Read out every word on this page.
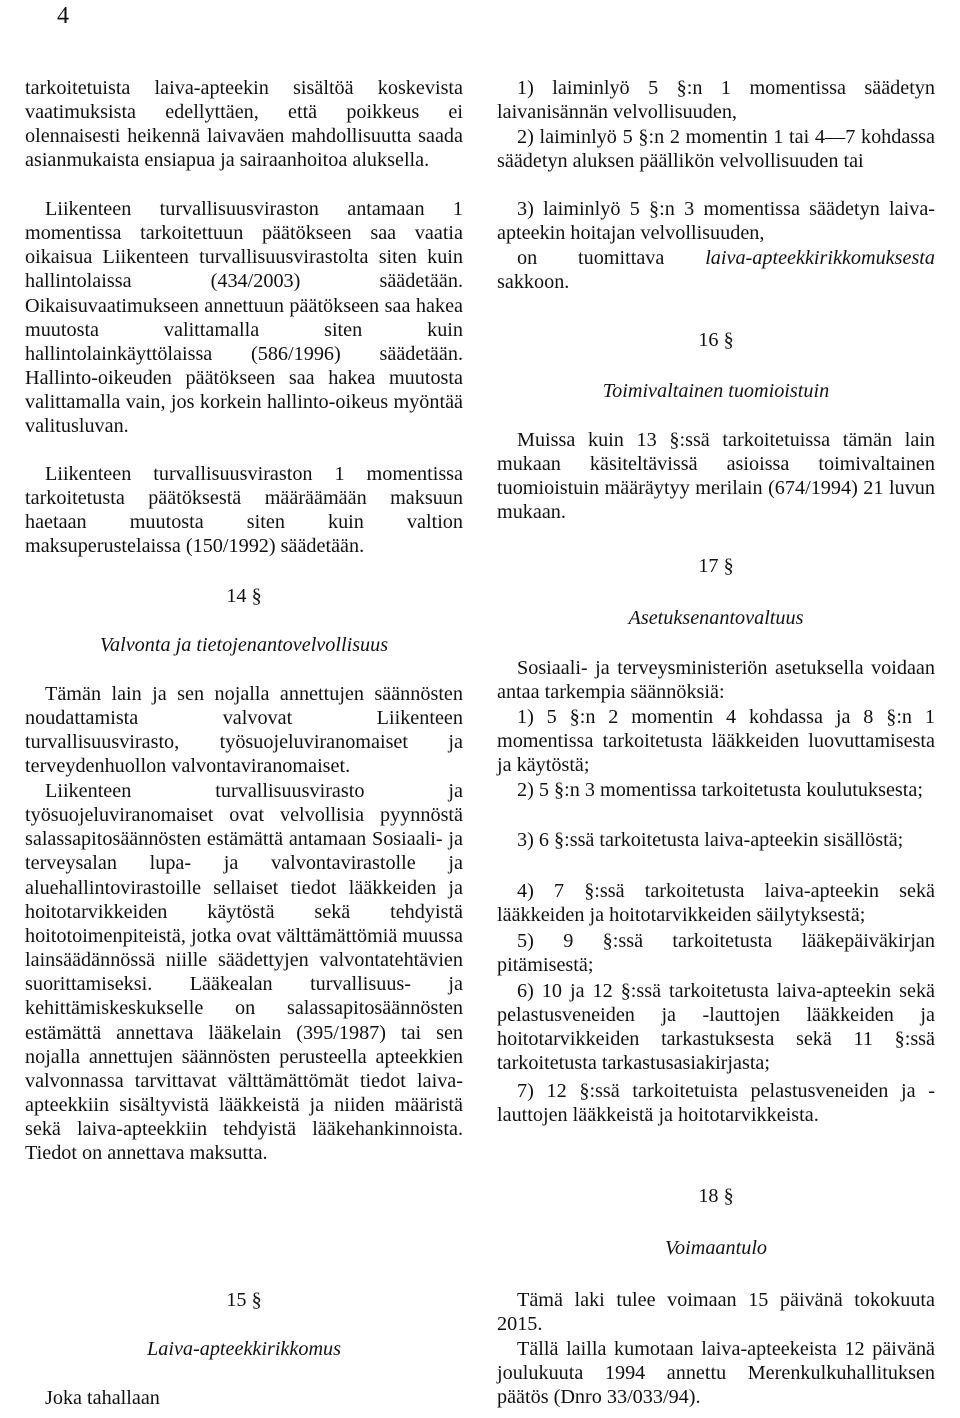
4

tarkoitetuista laiva-apteekin sisältöä koskevista vaatimuksista edellyttäen, että poikkeus ei olennaisesti heikennä laivaväen mahdollisuutta saada asianmukaista ensiapua ja sairaanhoitoa aluksella.

Liikenteen turvallisuusviraston antamaan 1 momentissa tarkoitettuun päätökseen saa vaatia oikaisua Liikenteen turvallisuusvirastolta siten kuin hallintolaissa (434/2003) säädetään. Oikaisuvaatimukseen annettuun päätökseen saa hakea muutosta valittamalla siten kuin hallintolainkäyttölaissa (586/1996) säädetään. Hallinto-oikeuden päätökseen saa hakea muutosta valittamalla vain, jos korkein hallinto-oikeus myöntää valitusluvan.

Liikenteen turvallisuusviraston 1 momentissa tarkoitetusta päätöksestä määräämään maksuun haetaan muutosta siten kuin valtion maksuperustelaissa (150/1992) säädetään.

14 §

Valvonta ja tietojenantovelvollisuus

Tämän lain ja sen nojalla annettujen säännösten noudattamista valvovat Liikenteen turvallisuusvirasto, työsuojeluviranomaiset ja terveydenhuollon valvontaviranomaiset.

Liikenteen turvallisuusvirasto ja työsuojeluviranomaiset ovat velvollisia pyynnöstä salassapitosäännösten estämättä antamaan Sosiaali- ja terveysalan lupa- ja valvontavirastolle ja aluehallintovirastoille sellaiset tiedot lääkkeiden ja hoitotarvikkeiden käytöstä sekä tehdyistä hoitotoimenpiteistä, jotka ovat välttämättömiä muussa lainsäädännössä niille säädettyjen valvontatehtävien suorittamiseksi. Lääkealan turvallisuus- ja kehittämiskeskukselle on salassapitosäännösten estämättä annettava lääkelain (395/1987) tai sen nojalla annettujen säännösten perusteella apteekkien valvonnassa tarvittavat välttämättömät tiedot laiva-apteekkiin sisältyvistä lääkkeistä ja niiden määristä sekä laiva-apteekkiin tehdyistä lääkehankinnoista. Tiedot on annettava maksutta.

15 §

Laiva-apteekkirikkomus

Joka tahallaan

1) laiminlyö 5 §:n 1 momentissa säädetyn laivanisännän velvollisuuden,

2) laiminlyö 5 §:n 2 momentin 1 tai 4—7 kohdassa säädetyn aluksen päällikön velvollisuuden tai

3) laiminlyö 5 §:n 3 momentissa säädetyn laiva-apteekin hoitajan velvollisuuden,

on tuomittava laiva-apteekkirikkomuksesta sakkoon.

16 §

Toimivaltainen tuomioistuin

Muissa kuin 13 §:ssä tarkoitetuissa tämän lain mukaan käsiteltävissä asioissa toimivaltainen tuomioistuin määräytyy merilain (674/1994) 21 luvun mukaan.

17 §

Asetuksenantovaltuus

Sosiaali- ja terveysministeriön asetuksella voidaan antaa tarkempia säännöksiä:

1) 5 §:n 2 momentin 4 kohdassa ja 8 §:n 1 momentissa tarkoitetusta lääkkeiden luovuttamisesta ja käytöstä;

2) 5 §:n 3 momentissa tarkoitetusta koulutuksesta;

3) 6 §:ssä tarkoitetusta laiva-apteekin sisällöstä;

4) 7 §:ssä tarkoitetusta laiva-apteekin sekä lääkkeiden ja hoitotarvikkeiden säilytyksestä;

5) 9 §:ssä tarkoitetusta lääkepäiväkirjan pitämisestä;

6) 10 ja 12 §:ssä tarkoitetusta laiva-apteekin sekä pelastusveneiden ja -lauttojen lääkkeiden ja hoitotarvikkeiden tarkastuksesta sekä 11 §:ssä tarkoitetusta tarkastusasiakirjasta;

7) 12 §:ssä tarkoitetuista pelastusveneiden ja -lauttojen lääkkeistä ja hoitotarvikkeista.

18 §

Voimaantulo

Tämä laki tulee voimaan 15 päivänä tokokuuta 2015.

Tällä lailla kumotaan laiva-apteekeista 12 päivänä joulukuuta 1994 annettu Merenkulkuhallituksen päätös (Dnro 33/033/94).
